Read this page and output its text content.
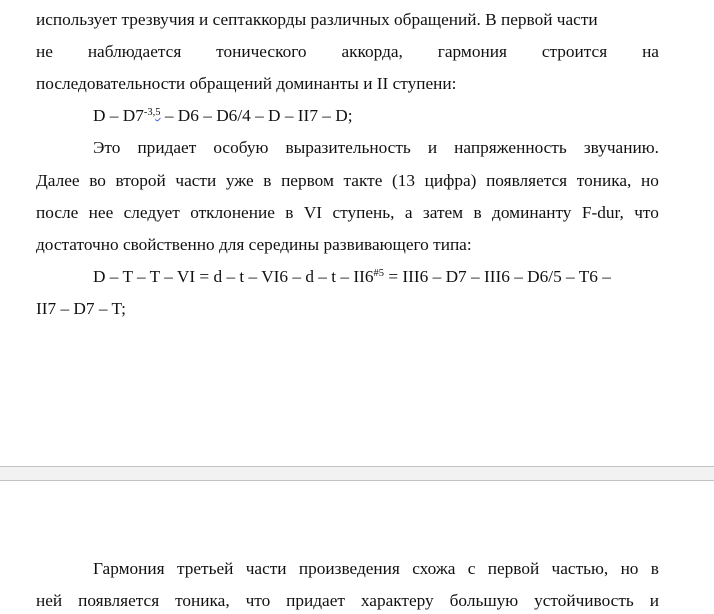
использует трезвучия и септаккорды различных обращений. В первой части
не наблюдается тонического аккорда, гармония строится на
последовательности обращений доминанты и II ступени:
D – $D7^{-3,5} - D6 - D6/4$ – D – II7 – D;
Это придает особую выразительность и напряженность звучанию.
Далее во второй части уже в первом такте (13 цифра) появляется тоника, но
после нее следует отклонение в VI ступень, а затем в доминанту F-dur, что
достаточно свойственно для середины развивающего типа:
D – T – T – VI = $d - t - VI6 - d - t - II6^{\#5} = III6 - D7 - III6 - D6/5 - T6$ –
II7 – D7 – T;
Гармония третьей части произведения схожа с первой частью, но в
ней появляется тоника, что придает характеру большую устойчивость и
